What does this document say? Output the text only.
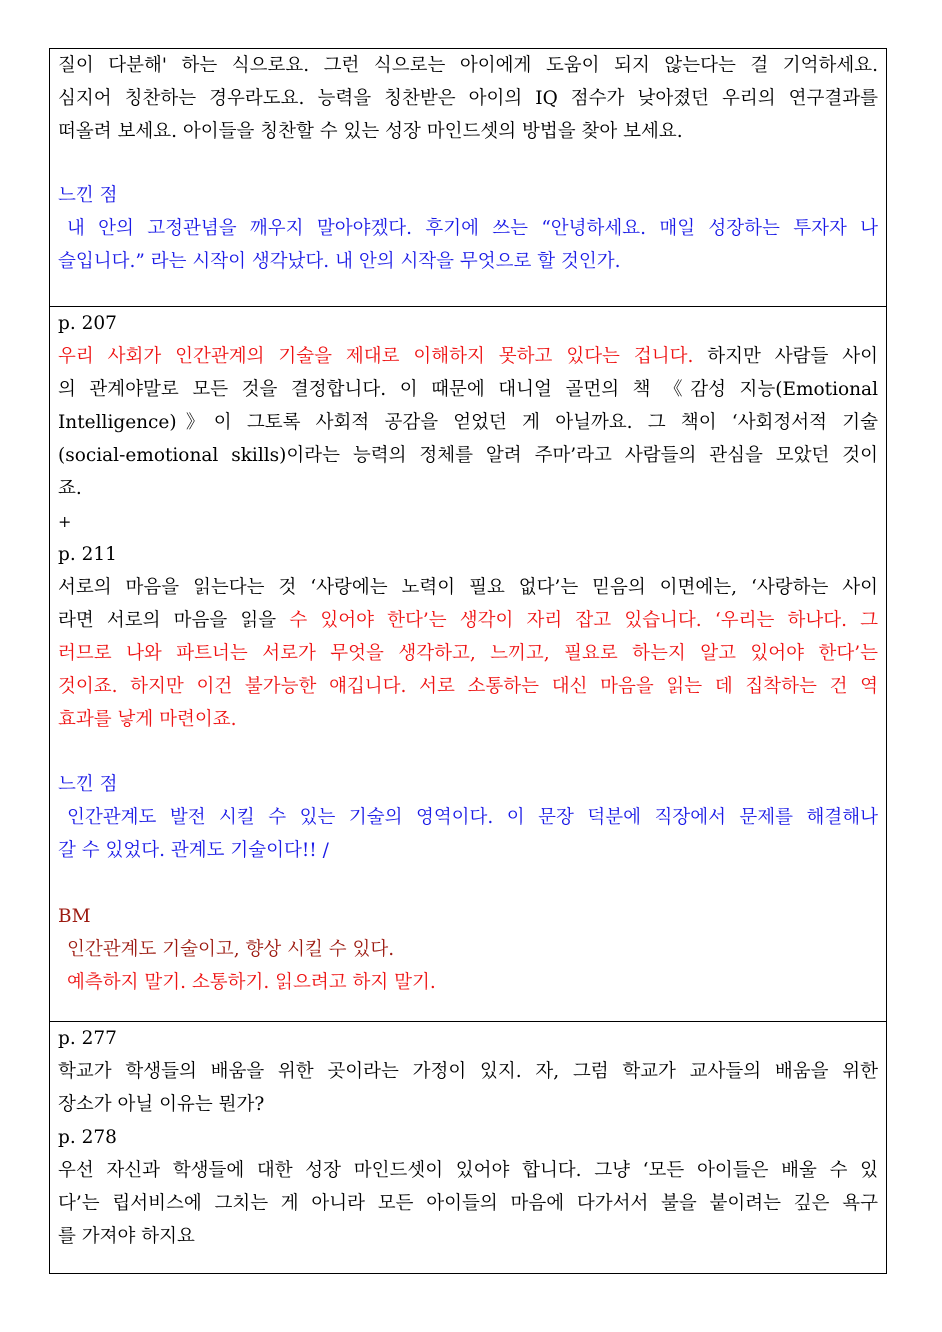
질이 다분해' 하는 식으로요. 그런 식으로는 아이에게 도움이 되지 않는다는 걸 기억하세요.
심지어 칭찬하는 경우라도요. 능력을 칭찬받은 아이의 IQ 점수가 낮아졌던 우리의 연구결과를
떠올려 보세요. 아이들을 칭찬할 수 있는 성장 마인드셋의 방법을 찾아 보세요.
느낀 점
내 안의 고정관념을 깨우지 말아야겠다. 후기에 쓰는 “안녕하세요. 매일 성장하는 투자자 나
슬입니다.” 라는 시작이 생각났다. 내 안의 시작을 무엇으로 할 것인가.
p. 207
우리 사회가 인간관계의 기술을 제대로 이해하지 못하고 있다는 겁니다. 하지만 사람들 사이
의 관계야말로 모든 것을 결정합니다. 이 때문에 대니얼 골먼의 책 《감성 지능(Emotional
Intelligence)》이 그토록 사회적 공감을 얻었던 게 아닐까요. 그 책이 ‘사회정서적 기술
(social-emotional skills)이라는 능력의 정체를 알려 주마’라고 사람들의 관심을 모았던 것이
죠.
+
p. 211
서로의 마음을 읽는다는 것 ‘사랑에는 노력이 필요 없다’는 믿음의 이면에는, ‘사랑하는 사이
라면 서로의 마음을 읽을 수 있어야 한다’는 생각이 자리 잡고 있습니다. ‘우리는 하나다. 그
러므로 나와 파트너는 서로가 무엇을 생각하고, 느끼고, 필요로 하는지 알고 있어야 한다’는
것이죠. 하지만 이건 불가능한 얘깁니다. 서로 소통하는 대신 마음을 읽는 데 집착하는 건 역
효과를 낳게 마련이죠.
느낀 점
인간관계도 발전 시킬 수 있는 기술의 영역이다. 이 문장 덕분에 직장에서 문제를 해결해나
갈 수 있었다. 관계도 기술이다!! /
BM
인간관계도 기술이고, 향상 시킬 수 있다.
예측하지 말기. 소통하기. 읽으려고 하지 말기.
p. 277
학교가 학생들의 배움을 위한 곳이라는 가정이 있지. 자, 그럼 학교가 교사들의 배움을 위한
장소가 아닐 이유는 뭔가?
p. 278
우선 자신과 학생들에 대한 성장 마인드셋이 있어야 합니다. 그냥 ‘모든 아이들은 배울 수 있
다’는 립서비스에 그치는 게 아니라 모든 아이들의 마음에 다가서서 불을 붙이려는 깊은 욕구
를 가져야 하지요
